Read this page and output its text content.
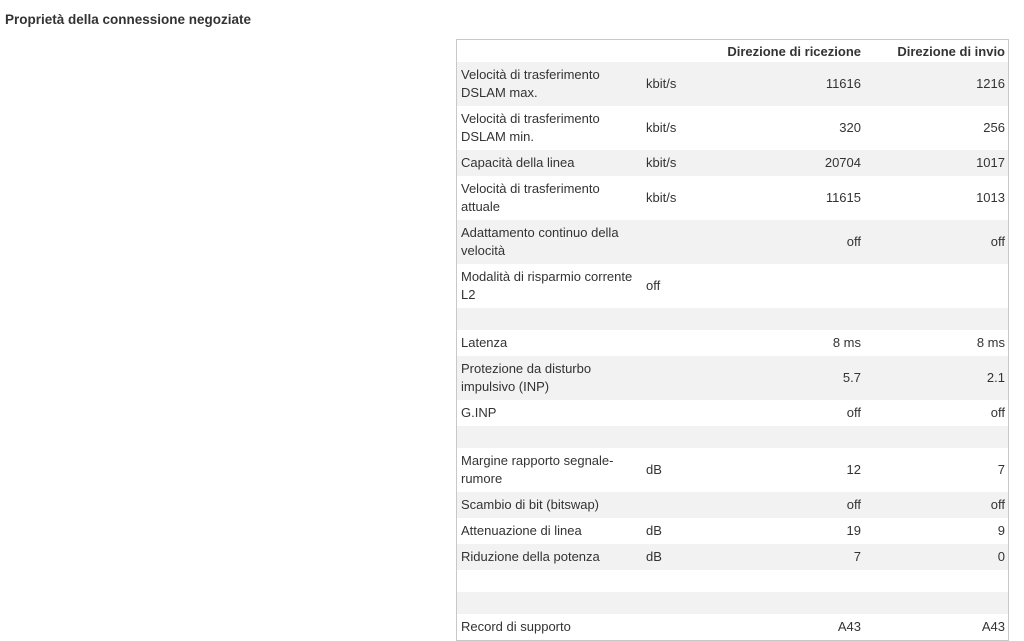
Proprietà della connessione negoziate
		Direzione di ricezione	Direzione di invio
Velocità di trasferimento DSLAM max.	kbit/s	11616	1216
Velocità di trasferimento DSLAM min.	kbit/s	320	256
Capacità della linea	kbit/s	20704	1017
Velocità di trasferimento attuale	kbit/s	11615	1013
Adattamento continuo della velocità		off	off
Modalità di risparmio corrente L2	off		

Latenza		8 ms	8 ms
Protezione da disturbo impulsivo (INP)		5.7	2.1
G.INP		off	off

Margine rapporto segnale-rumore	dB	12	7
Scambio di bit (bitswap)		off	off
Attenuazione di linea	dB	19	9
Riduzione della potenza	dB	7	0

Record di supporto		A43	A43
